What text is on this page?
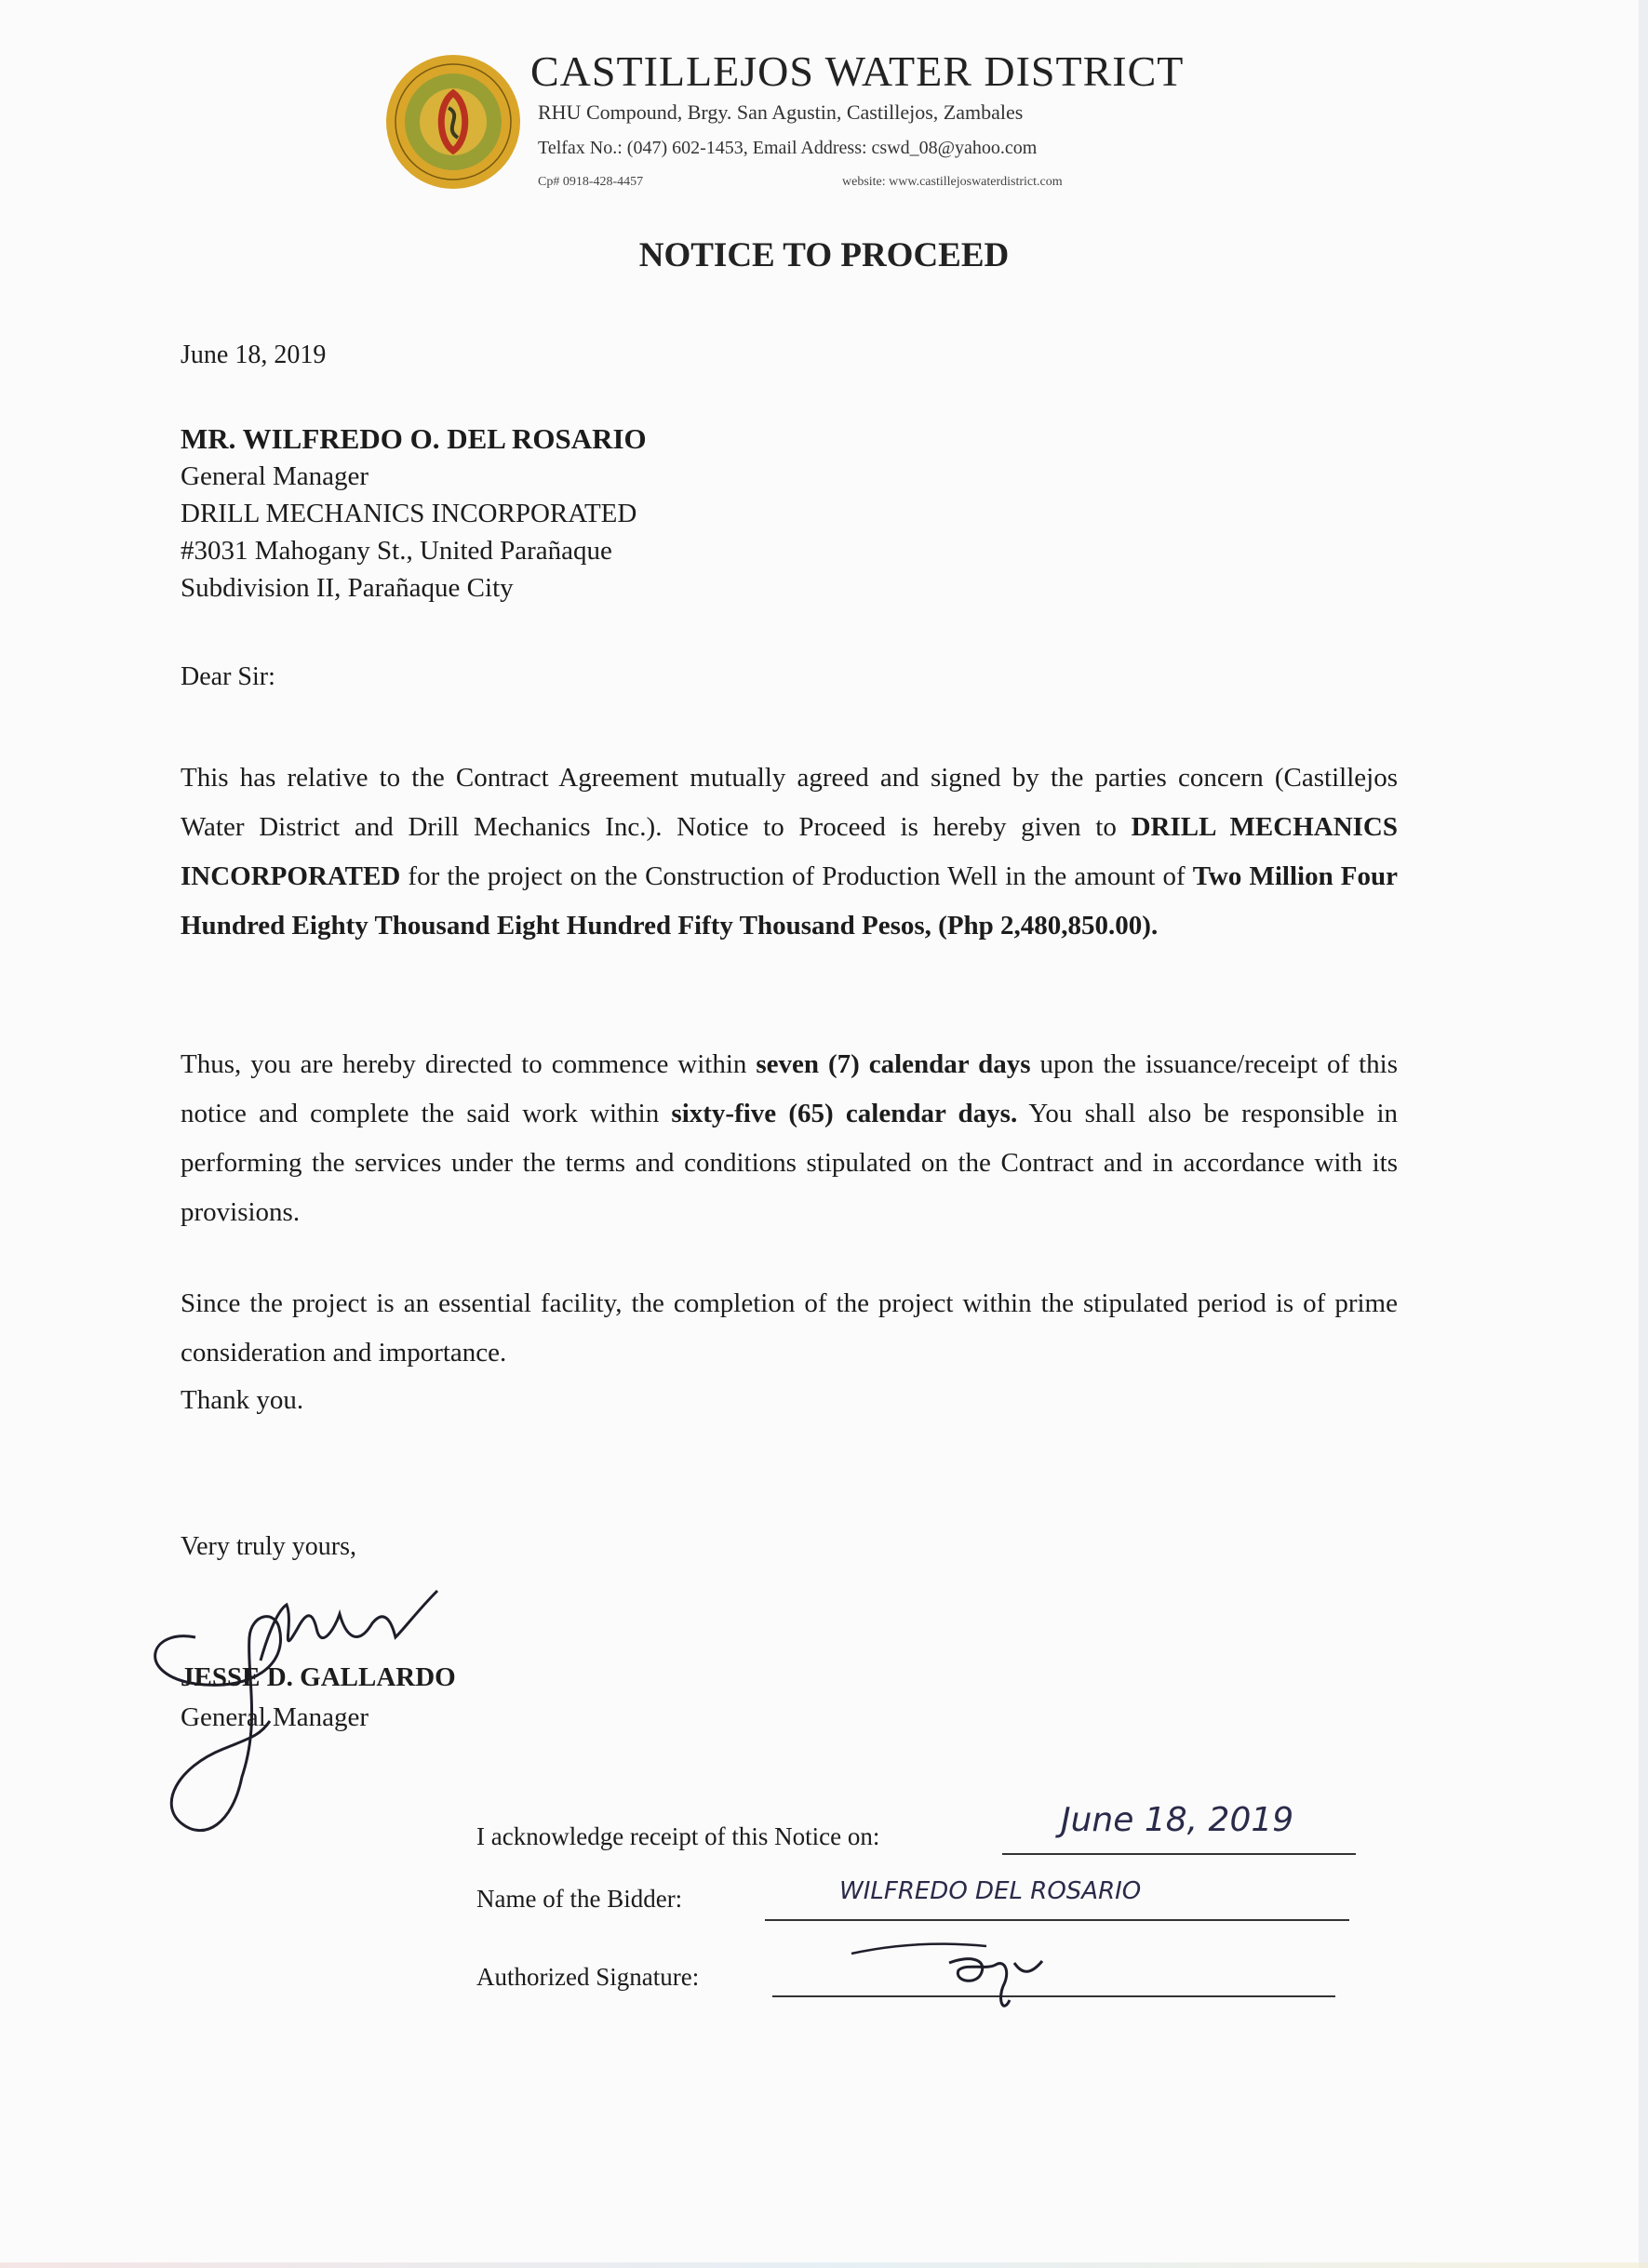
CASTILLEJOS WATER DISTRICT
RHU Compound, Brgy. San Agustin, Castillejos, Zambales
Telfax No.: (047) 602-1453, Email Address: cswd_08@yahoo.com
Cp# 0918-428-4457	website: www.castillejoswaterdistrict.com
NOTICE TO PROCEED
June 18, 2019
MR. WILFREDO O. DEL ROSARIO
General Manager
DRILL MECHANICS INCORPORATED
#3031 Mahogany St., United Parañaque
Subdivision II, Parañaque City
Dear Sir:
This has relative to the Contract Agreement mutually agreed and signed by the parties concern (Castillejos Water District and Drill Mechanics Inc.). Notice to Proceed is hereby given to DRILL MECHANICS INCORPORATED for the project on the Construction of Production Well in the amount of Two Million Four Hundred Eighty Thousand Eight Hundred Fifty Thousand Pesos, (Php 2,480,850.00).
Thus, you are hereby directed to commence within seven (7) calendar days upon the issuance/receipt of this notice and complete the said work within sixty-five (65) calendar days. You shall also be responsible in performing the services under the terms and conditions stipulated on the Contract and in accordance with its provisions.
Since the project is an essential facility, the completion of the project within the stipulated period is of prime consideration and importance.
Thank you.
Very truly yours,
JESSE D. GALLARDO
General Manager
I acknowledge receipt of this Notice on:	June 18, 2019
Name of the Bidder:	WILFREDO DEL ROSARIO
Authorized Signature:
